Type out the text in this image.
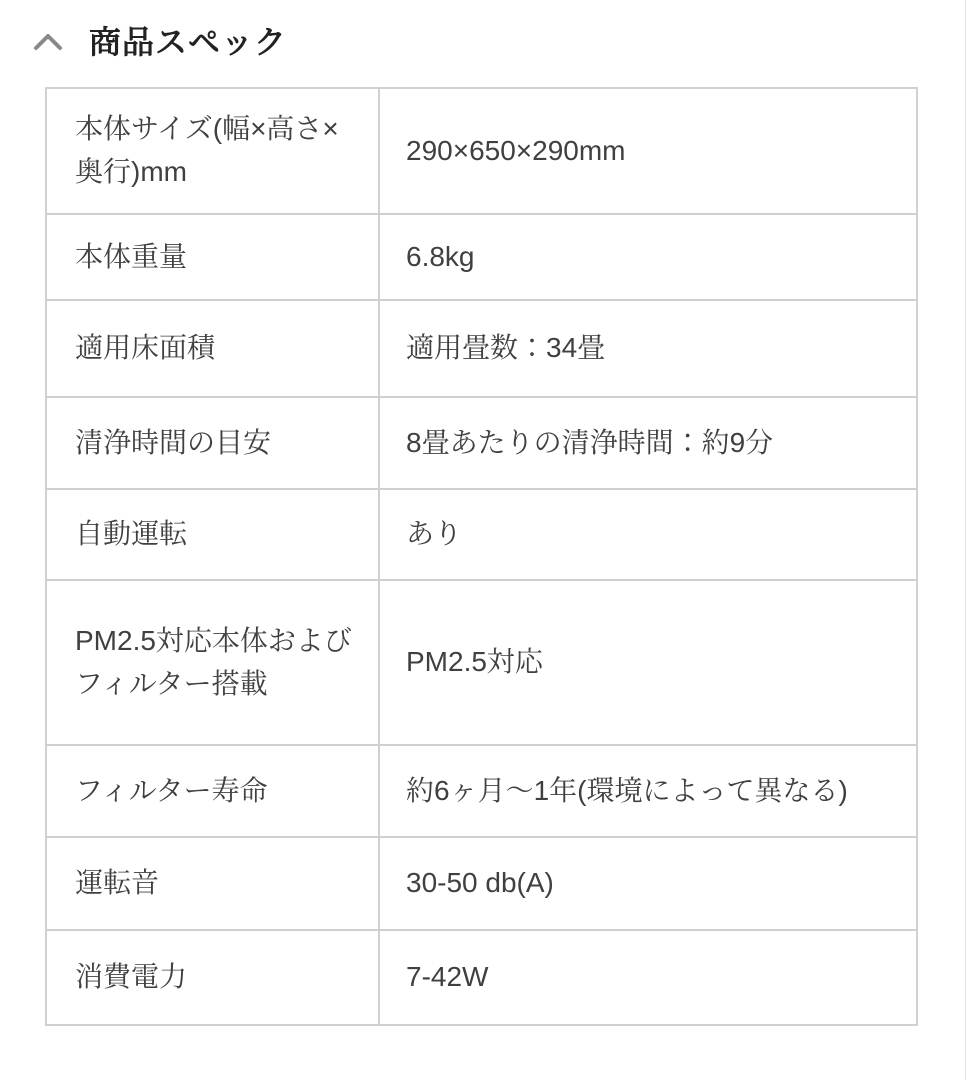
商品スペック
本体サイズ(幅×高さ×奥行)mm	290×650×290mm
本体重量	6.8kg
適用床面積	適用畳数：34畳
清浄時間の目安	8畳あたりの清浄時間：約9分
自動運転	あり
PM2.5対応本体およびフィルター搭載	PM2.5対応
フィルター寿命	約6ヶ月〜1年(環境によって異なる)
運転音	30-50 db(A)
消費電力	7-42W
